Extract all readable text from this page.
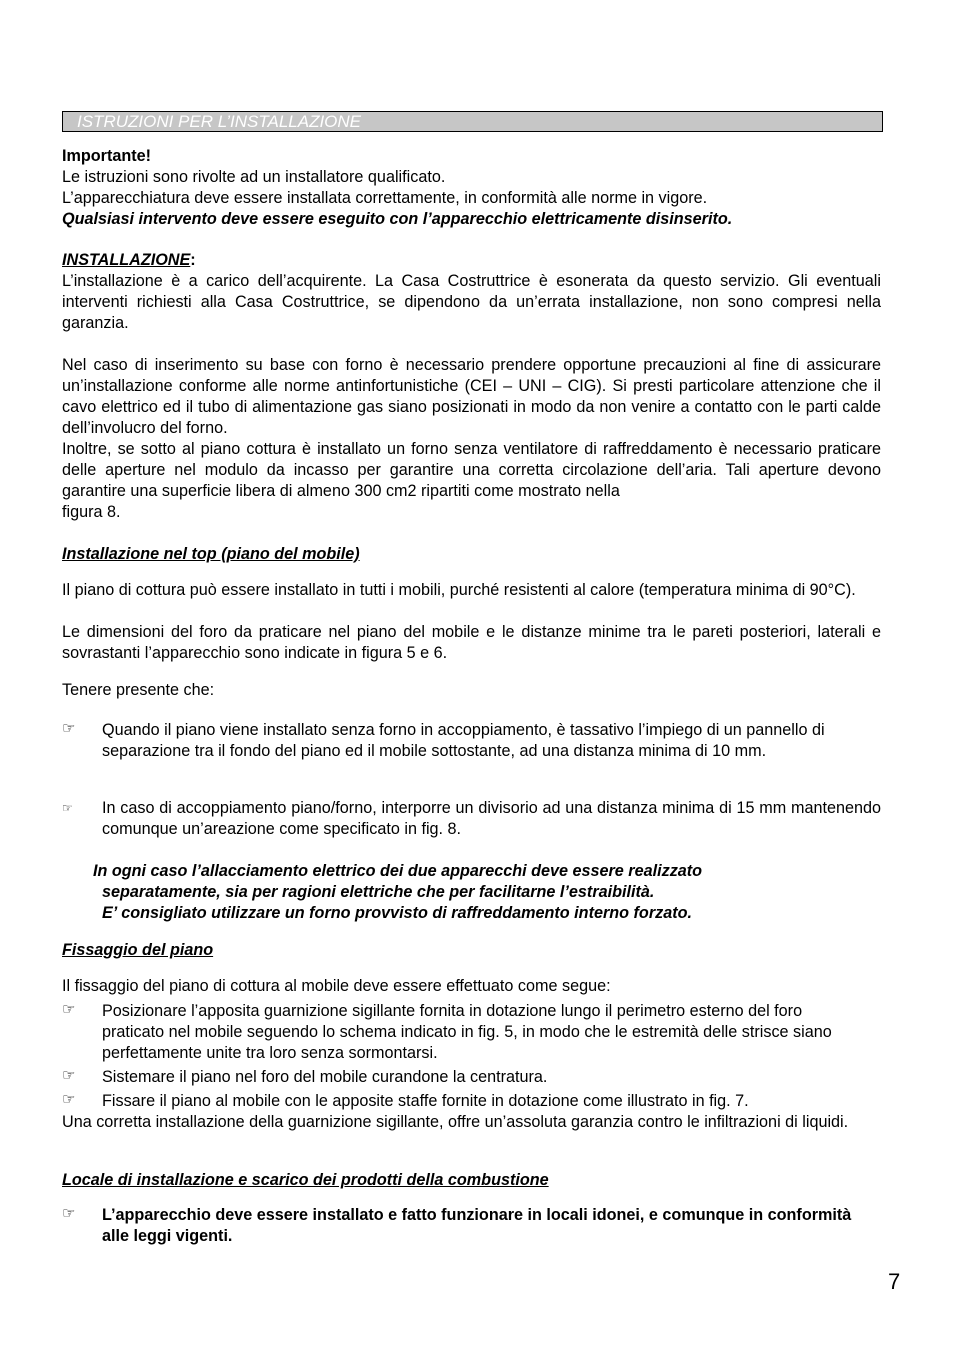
ISTRUZIONI PER L’INSTALLAZIONE

Importante!

Le istruzioni sono rivolte ad un installatore qualificato.

L’apparecchiatura deve essere installata correttamente, in conformità alle norme in vigore.

Qualsiasi intervento deve essere eseguito con l’apparecchio elettricamente disinserito.

INSTALLAZIONE:

L’installazione è a carico dell’acquirente. La Casa Costruttrice è esonerata da questo servizio. Gli eventuali interventi richiesti alla Casa Costruttrice, se dipendono da un’errata installazione, non sono compresi nella garanzia.

Nel caso di inserimento su base con forno è necessario prendere opportune precauzioni al fine di assicurare un’installazione conforme alle norme antinfortunistiche (CEI – UNI – CIG). Si presti particolare attenzione che il cavo elettrico ed il tubo di alimentazione gas siano posizionati in modo da non venire a contatto con le parti calde dell’involucro del forno.

Inoltre, se sotto al piano cottura è installato un forno senza ventilatore di raffreddamento è necessario praticare delle aperture nel modulo da incasso per garantire una corretta circolazione dell’aria. Tali aperture devono garantire una superficie libera di almeno 300 cm2 ripartiti come mostrato nella

figura 8.

Installazione nel top (piano del mobile)

Il piano di cottura può essere installato in tutti i mobili, purché resistenti al calore (temperatura minima di 90°C).

Le dimensioni del foro da praticare nel piano del mobile e le distanze minime tra le pareti posteriori, laterali e sovrastanti l’apparecchio sono indicate in figura 5 e 6.

Tenere presente che:

☞	Quando il piano viene installato senza forno in accoppiamento, è tassativo l’impiego di un pannello di separazione tra il fondo del piano ed il mobile sottostante, ad una distanza minima di 10 mm.

☞	In caso di accoppiamento piano/forno, interporre un divisorio ad una distanza minima di 15 mm mantenendo comunque un’areazione come specificato in fig. 8.

In ogni caso l’allacciamento elettrico dei due apparecchi deve essere realizzato

separatamente, sia per ragioni elettriche che per facilitarne l’estraibilità.

E’ consigliato utilizzare un forno provvisto di raffreddamento interno forzato.

Fissaggio del piano

Il fissaggio del piano di cottura al mobile deve essere effettuato come segue:

☞	Posizionare l’apposita guarnizione sigillante fornita in dotazione lungo il perimetro esterno del foro praticato nel mobile seguendo lo schema indicato in fig. 5, in modo che le estremità delle strisce siano perfettamente unite tra loro senza sormontarsi.

☞	Sistemare il piano nel foro del mobile curandone la centratura.

☞	Fissare il piano al mobile con le apposite staffe fornite in dotazione come illustrato in fig. 7.

Una corretta installazione della guarnizione sigillante, offre un’assoluta garanzia contro le infiltrazioni di liquidi.

Locale di installazione e scarico dei prodotti della combustione

☞	L’apparecchio deve essere installato e fatto funzionare in locali idonei, e comunque in conformità alle leggi vigenti.

7
